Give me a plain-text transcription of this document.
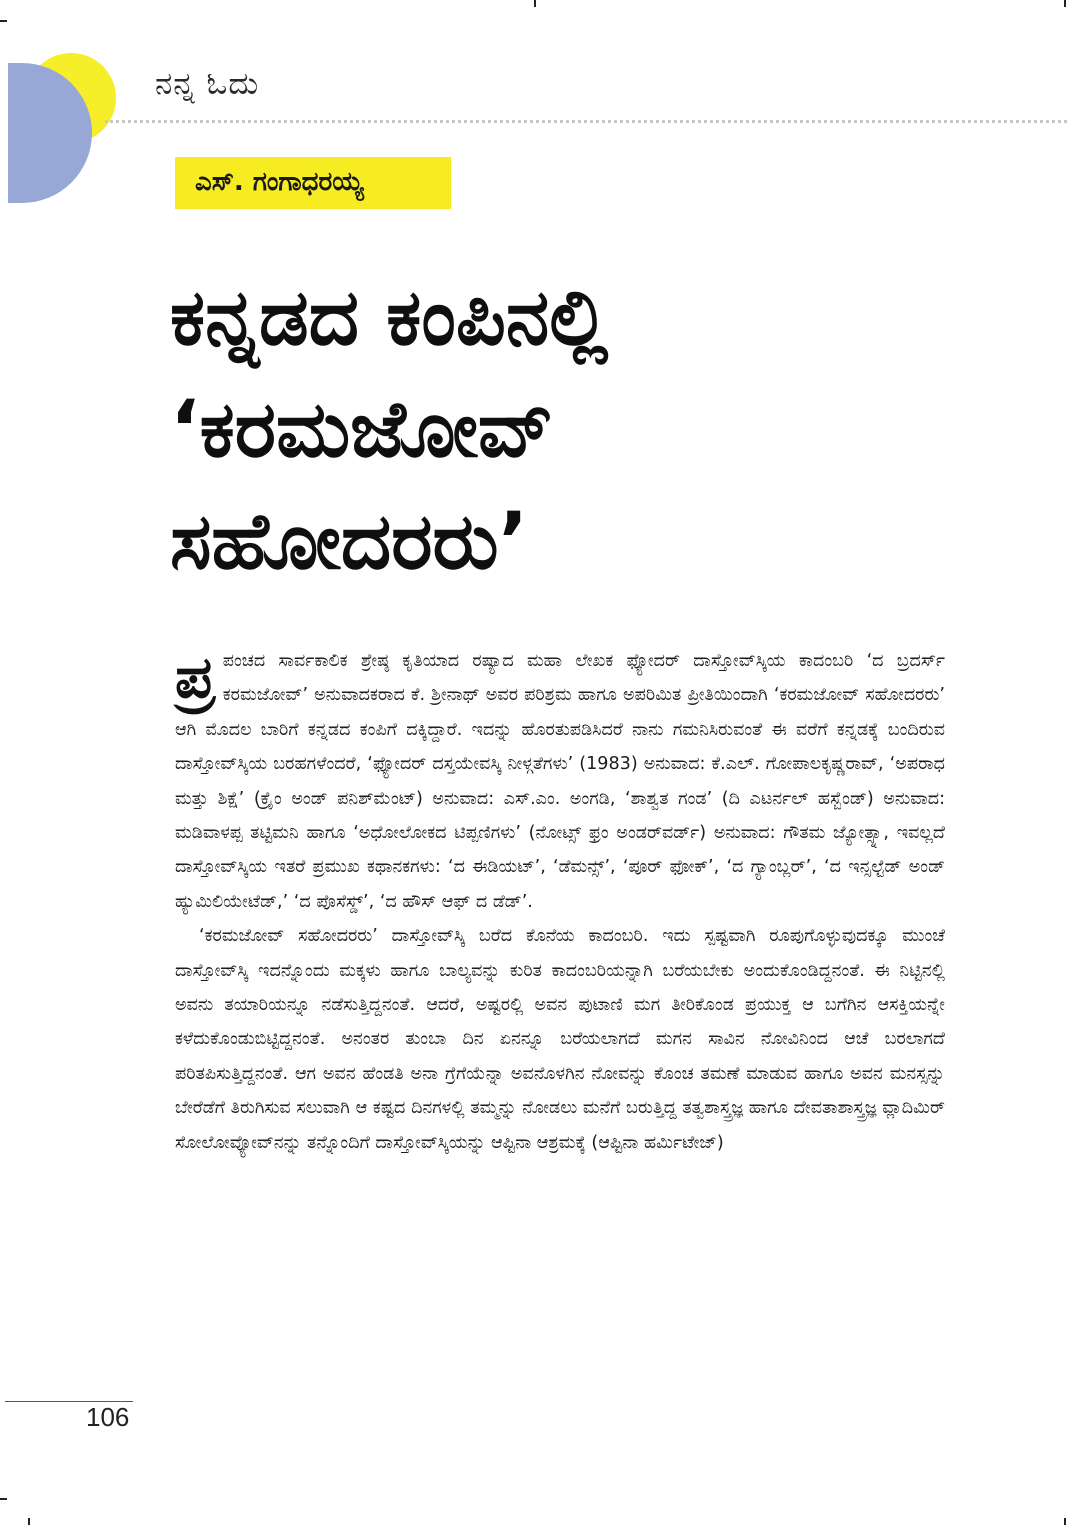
ನನ್ನ ಓದು
ಎಸ್. ಗಂಗಾಧರಯ್ಯ
ಕನ್ನಡದ ಕಂಪಿನಲ್ಲಿ
‘ಕರಮಜೋವ್
ಸಹೋದರರು’

ಪ್ರ ಪಂಚದ ಸಾರ್ವಕಾಲಿಕ ಶ್ರೇಷ್ಠ ಕೃತಿಯಾದ ರಷ್ಯಾದ ಮಹಾ ಲೇಖಕ ಫ್ಯೋದರ್ ದಾಸ್ತೋವ್‌ಸ್ಕಿಯ ಕಾದಂಬರಿ ‘ದ ಬ್ರದರ್ಸ್ ಕರಮಜೋವ್’ ಅನುವಾದಕರಾದ ಕೆ. ಶ್ರೀನಾಥ್ ಅವರ ಪರಿಶ್ರಮ ಹಾಗೂ ಅಪರಿಮಿತ ಪ್ರೀತಿಯಿಂದಾಗಿ ‘ಕರಮಜೋವ್ ಸಹೋದರರು’ ಆಗಿ ಮೊದಲ ಬಾರಿಗೆ ಕನ್ನಡದ ಕಂಪಿಗೆ ದಕ್ಕಿದ್ದಾರೆ. ಇದನ್ನು ಹೊರತುಪಡಿಸಿದರೆ ನಾನು ಗಮನಿಸಿರುವಂತೆ ಈ ವರೆಗೆ ಕನ್ನಡಕ್ಕೆ ಬಂದಿರುವ ದಾಸ್ತೋವ್‌ಸ್ಕಿಯ ಬರಹಗಳೆಂದರೆ, ‘ಫ್ಯೋದರ್ ದಸ್ತಯೇವಸ್ಕಿ ನೀಳ್ಗತೆಗಳು’ (1983) ಅನುವಾದ: ಕೆ.ಎಲ್. ಗೋಪಾಲಕೃಷ್ಣರಾವ್, ‘ಅಪರಾಧ ಮತ್ತು ಶಿಕ್ಷೆ’ (ಕ್ರೈಂ ಅಂಡ್ ಪನಿಶ್‌ಮೆಂಟ್) ಅನುವಾದ: ಎಸ್.ಎಂ. ಅಂಗಡಿ, ‘ಶಾಶ್ವತ ಗಂಡ’ (ದಿ ಎಟರ್ನಲ್ ಹಸ್ಬೆಂಡ್) ಅನುವಾದ: ಮಡಿವಾಳಪ್ಪ ತಟ್ಟಿಮನಿ ಹಾಗೂ ‘ಅಧೋಲೋಕದ ಟಿಪ್ಪಣಿಗಳು’ (ನೋಟ್ಸ್ ಫ್ರಂ ಅಂಡರ್‌ವರ್ಡ್) ಅನುವಾದ: ಗೌತಮ ಜ್ಯೋತ್ಸ್ನಾ, ಇವಲ್ಲದೆ ದಾಸ್ತೋವ್‌ಸ್ಕಿಯ ಇತರೆ ಪ್ರಮುಖ ಕಥಾನಕಗಳು: ‘ದ ಈಡಿಯಟ್’, ‘ಡೆಮನ್ಸ್’, ‘ಪೂರ್ ಫೋಕ್’, ‘ದ ಗ್ಯಾಂಬ್ಲರ್’, ‘ದ ಇನ್ಸಲ್ಟೆಡ್ ಅಂಡ್ ಹ್ಯುಮಿಲಿಯೇಟೆಡ್,’ ‘ದ ಪೊಸೆಸ್ಡ್’, ‘ದ ಹೌಸ್ ಆಫ್ ದ ಡೆಡ್’.

‘ಕರಮಜೋವ್ ಸಹೋದರರು’ ದಾಸ್ತೋವ್‌ಸ್ಕಿ ಬರೆದ ಕೊನೆಯ ಕಾದಂಬರಿ. ಇದು ಸ್ಪಷ್ಟವಾಗಿ ರೂಪುಗೊಳ್ಳುವುದಕ್ಕೂ ಮುಂಚೆ ದಾಸ್ತೋವ್‌ಸ್ಕಿ ಇದನ್ನೊಂದು ಮಕ್ಕಳು ಹಾಗೂ ಬಾಲ್ಯವನ್ನು ಕುರಿತ ಕಾದಂಬರಿಯನ್ನಾಗಿ ಬರೆಯಬೇಕು ಅಂದುಕೊಂಡಿದ್ದನಂತೆ. ಈ ನಿಟ್ಟಿನಲ್ಲಿ ಅವನು ತಯಾರಿಯನ್ನೂ ನಡೆಸುತ್ತಿದ್ದನಂತೆ. ಆದರೆ, ಅಷ್ಟರಲ್ಲಿ ಅವನ ಪುಟಾಣಿ ಮಗ ತೀರಿಕೊಂಡ ಪ್ರಯುಕ್ತ ಆ ಬಗೆಗಿನ ಆಸಕ್ತಿಯನ್ನೇ ಕಳೆದುಕೊಂಡುಬಿಟ್ಟಿದ್ದನಂತೆ. ಅನಂತರ ತುಂಬಾ ದಿನ ಏನನ್ನೂ ಬರೆಯಲಾಗದೆ ಮಗನ ಸಾವಿನ ನೋವಿನಿಂದ ಆಚೆ ಬರಲಾಗದೆ ಪರಿತಪಿಸುತ್ತಿದ್ದನಂತೆ. ಆಗ ಅವನ ಹೆಂಡತಿ ಅನಾ ಗ್ರೆಗೆಯೆನ್ನಾ ಅವನೊಳಗಿನ ನೋವನ್ನು ಕೊಂಚ ತಮಣೆ ಮಾಡುವ ಹಾಗೂ ಅವನ ಮನಸ್ಸನ್ನು ಬೇರೆಡೆಗೆ ತಿರುಗಿಸುವ ಸಲುವಾಗಿ ಆ ಕಷ್ಟದ ದಿನಗಳಲ್ಲಿ ತಮ್ಮನ್ನು ನೋಡಲು ಮನೆಗೆ ಬರುತ್ತಿದ್ದ ತತ್ವಶಾಸ್ತ್ರಜ್ಞ ಹಾಗೂ ದೇವತಾಶಾಸ್ತ್ರಜ್ಞ ವ್ಲಾದಿಮಿರ್ ಸೋಲೋವ್ಯೋವ್‌ನನ್ನು ತನ್ನೊಂದಿಗೆ ದಾಸ್ತೋವ್‌ಸ್ಕಿಯನ್ನು ಆಪ್ಟಿನಾ ಆಶ್ರಮಕ್ಕೆ (ಆಪ್ಟಿನಾ ಹರ್ಮಿಟೇಜ್)

106
